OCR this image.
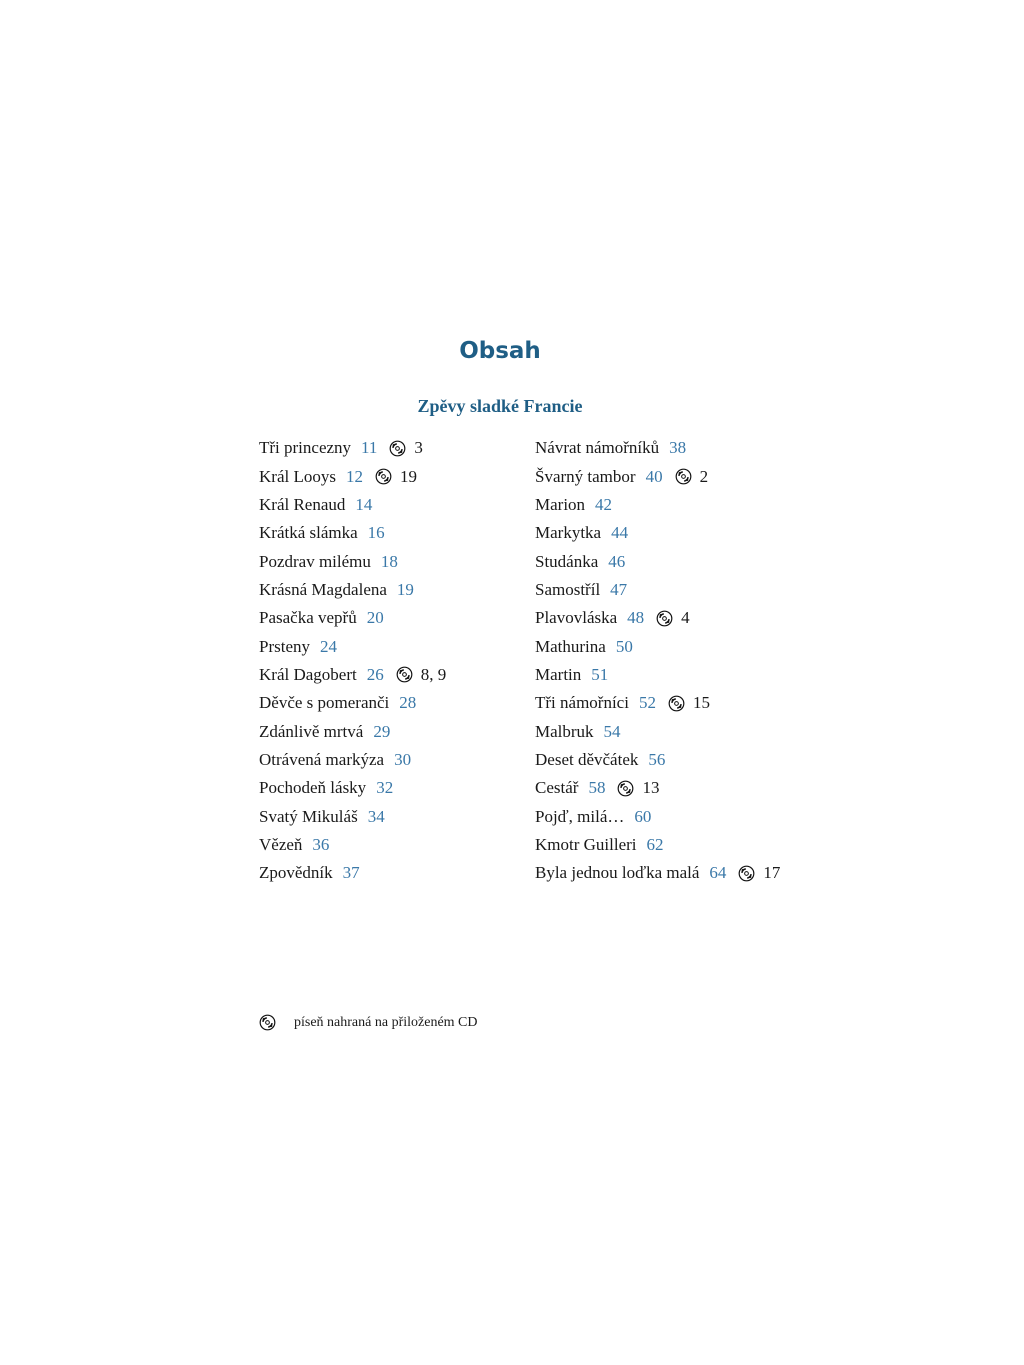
Obsah
Zpěvy sladké Francie
Tři princezny 11 3
Král Looys 12 19
Král Renaud 14
Krátká slámka 16
Pozdrav milému 18
Krásná Magdalena 19
Pasačka vepřů 20
Prsteny 24
Král Dagobert 26 8, 9
Děvče s pomeranči 28
Zdánlivě mrtvá 29
Otrávená markýza 30
Pochodeň lásky 32
Svatý Mikuláš 34
Vězeň 36
Zpovědník 37
Návrat námořníků 38
Švarný tambor 40 2
Marion 42
Markytka 44
Studánka 46
Samostříl 47
Plavovláska 48 4
Mathurina 50
Martin 51
Tři námořníci 52 15
Malbruk 54
Deset děvčátek 56
Cestář 58 13
Pojď, milá… 60
Kmotr Guilleri 62
Byla jednou loďka malá 64 17
píseň nahraná na přiloženém CD
